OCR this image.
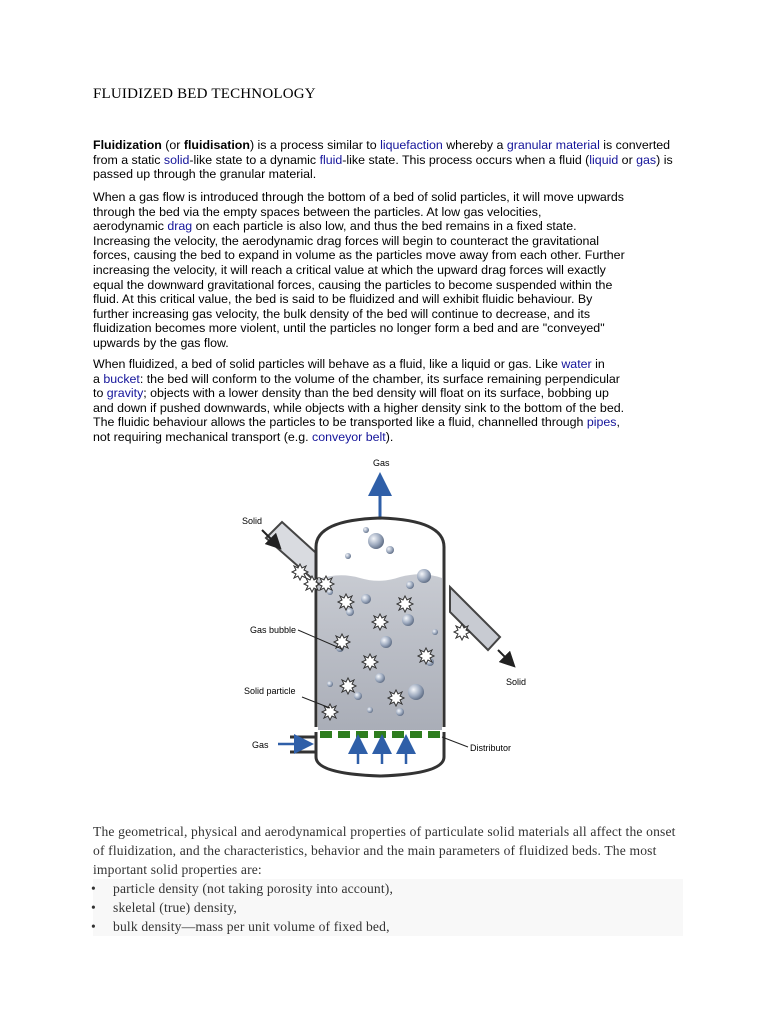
FLUIDIZED BED TECHNOLOGY
Fluidization (or fluidisation) is a process similar to liquefaction whereby a granular material is converted from a static solid-like state to a dynamic fluid-like state. This process occurs when a fluid (liquid or gas) is passed up through the granular material.
When a gas flow is introduced through the bottom of a bed of solid particles, it will move upwards
through the bed via the empty spaces between the particles. At low gas velocities,
aerodynamic drag on each particle is also low, and thus the bed remains in a fixed state.
Increasing the velocity, the aerodynamic drag forces will begin to counteract the gravitational
forces, causing the bed to expand in volume as the particles move away from each other. Further
increasing the velocity, it will reach a critical value at which the upward drag forces will exactly
equal the downward gravitational forces, causing the particles to become suspended within the
fluid. At this critical value, the bed is said to be fluidized and will exhibit fluidic behaviour. By
further increasing gas velocity, the bulk density of the bed will continue to decrease, and its
fluidization becomes more violent, until the particles no longer form a bed and are "conveyed"
upwards by the gas flow.
When fluidized, a bed of solid particles will behave as a fluid, like a liquid or gas. Like water in
a bucket: the bed will conform to the volume of the chamber, its surface remaining perpendicular
to gravity; objects with a lower density than the bed density will float on its surface, bobbing up
and down if pushed downwards, while objects with a higher density sink to the bottom of the bed.
The fluidic behaviour allows the particles to be transported like a fluid, channelled through pipes,
not requiring mechanical transport (e.g. conveyor belt).
Gas
Solid
Solid
Gas
Gas bubble
Solid particle
Distributor

The geometrical, physical and aerodynamical properties of particulate solid materials all affect the onset of fluidization, and the characteristics, behavior and the main parameters of fluidized beds. The most important solid properties are:

• particle density (not taking porosity into account),
• skeletal (true) density,
• bulk density—mass per unit volume of fixed bed,
